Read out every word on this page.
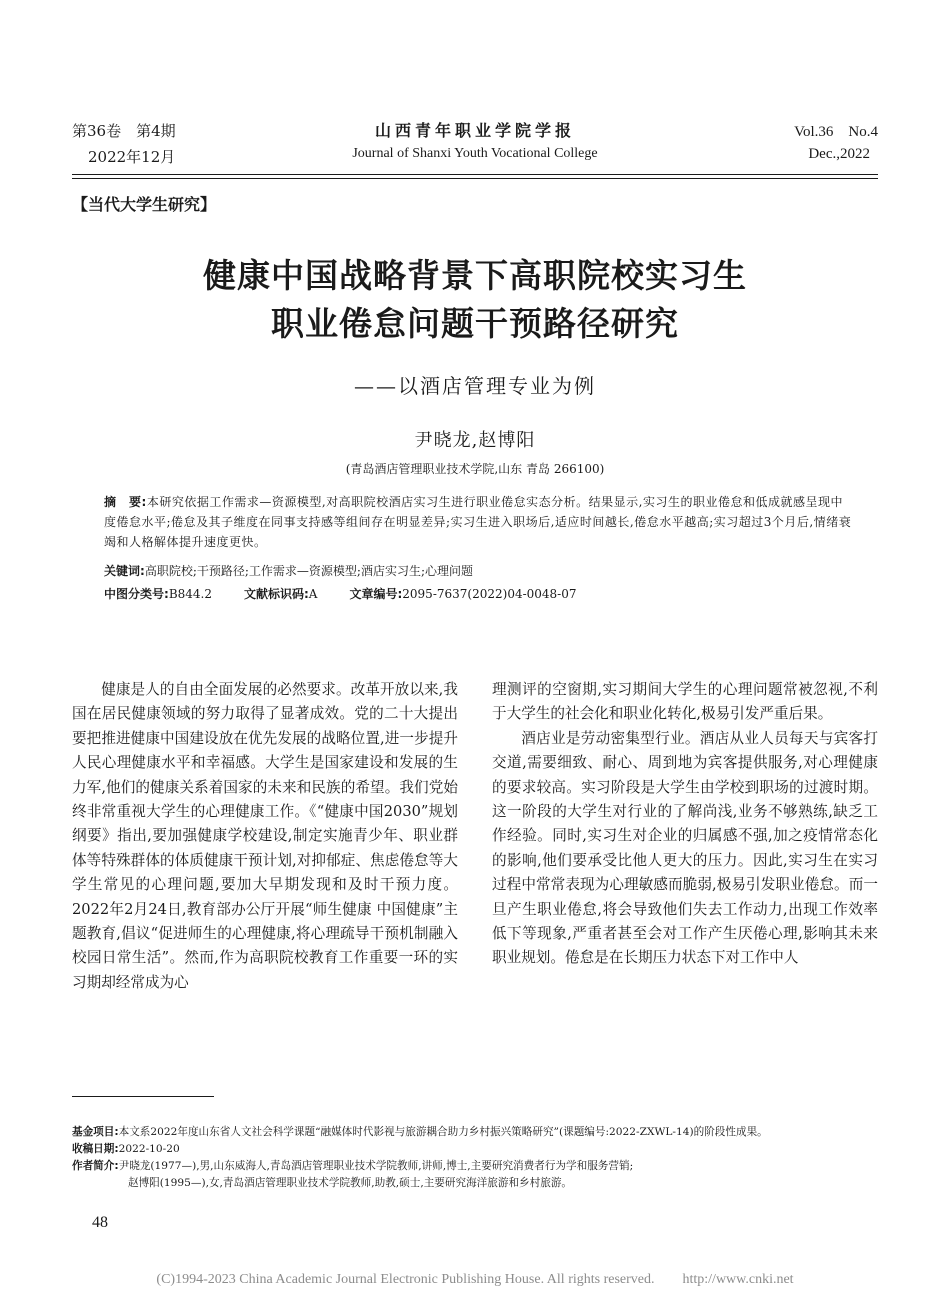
第36卷　第4期
2022年12月
山西青年职业学院学报
Journal of Shanxi Youth Vocational College
Vol.36　No.4
Dec.,2022
【当代大学生研究】
健康中国战略背景下高职院校实习生
职业倦怠问题干预路径研究
——以酒店管理专业为例
尹晓龙,赵博阳
(青岛酒店管理职业技术学院,山东 青岛 266100)
摘　要:本研究依据工作需求—资源模型,对高职院校酒店实习生进行职业倦怠实态分析。结果显示,实习生的职业倦怠和低成就感呈现中度倦怠水平;倦怠及其子维度在同事支持感等组间存在明显差异;实习生进入职场后,适应时间越长,倦怠水平越高;实习超过3个月后,情绪衰竭和人格解体提升速度更快。
关键词:高职院校;干预路径;工作需求—资源模型;酒店实习生;心理问题
中图分类号:B844.2	文献标识码:A	文章编号:2095-7637(2022)04-0048-07

健康是人的自由全面发展的必然要求。改革开放以来,我国在居民健康领域的努力取得了显著成效。党的二十大提出要把推进健康中国建设放在优先发展的战略位置,进一步提升人民心理健康水平和幸福感。大学生是国家建设和发展的生力军,他们的健康关系着国家的未来和民族的希望。我们党始终非常重视大学生的心理健康工作。《“健康中国2030”规划纲要》指出,要加强健康学校建设,制定实施青少年、职业群体等特殊群体的体质健康干预计划,对抑郁症、焦虑倦怠等大学生常见的心理问题,要加大早期发现和及时干预力度。2022年2月24日,教育部办公厅开展“师生健康 中国健康”主题教育,倡议“促进师生的心理健康,将心理疏导干预机制融入校园日常生活”。然而,作为高职院校教育工作重要一环的实习期却经常成为心

理测评的空窗期,实习期间大学生的心理问题常被忽视,不利于大学生的社会化和职业化转化,极易引发严重后果。

酒店业是劳动密集型行业。酒店从业人员每天与宾客打交道,需要细致、耐心、周到地为宾客提供服务,对心理健康的要求较高。实习阶段是大学生由学校到职场的过渡时期。这一阶段的大学生对行业的了解尚浅,业务不够熟练,缺乏工作经验。同时,实习生对企业的归属感不强,加之疫情常态化的影响,他们要承受比他人更大的压力。因此,实习生在实习过程中常常表现为心理敏感而脆弱,极易引发职业倦怠。而一旦产生职业倦怠,将会导致他们失去工作动力,出现工作效率低下等现象,严重者甚至会对工作产生厌倦心理,影响其未来职业规划。倦怠是在长期压力状态下对工作中人

基金项目:本文系2022年度山东省人文社会科学课题“融媒体时代影视与旅游耦合助力乡村振兴策略研究”(课题编号:2022-ZXWL-14)的阶段性成果。
收稿日期:2022-10-20
作者简介:尹晓龙(1977—),男,山东威海人,青岛酒店管理职业技术学院教师,讲师,博士,主要研究消费者行为学和服务营销;
赵博阳(1995—),女,青岛酒店管理职业技术学院教师,助教,硕士,主要研究海洋旅游和乡村旅游。
48
(C)1994-2023 China Academic Journal Electronic Publishing House. All rights reserved.　　http://www.cnki.net
